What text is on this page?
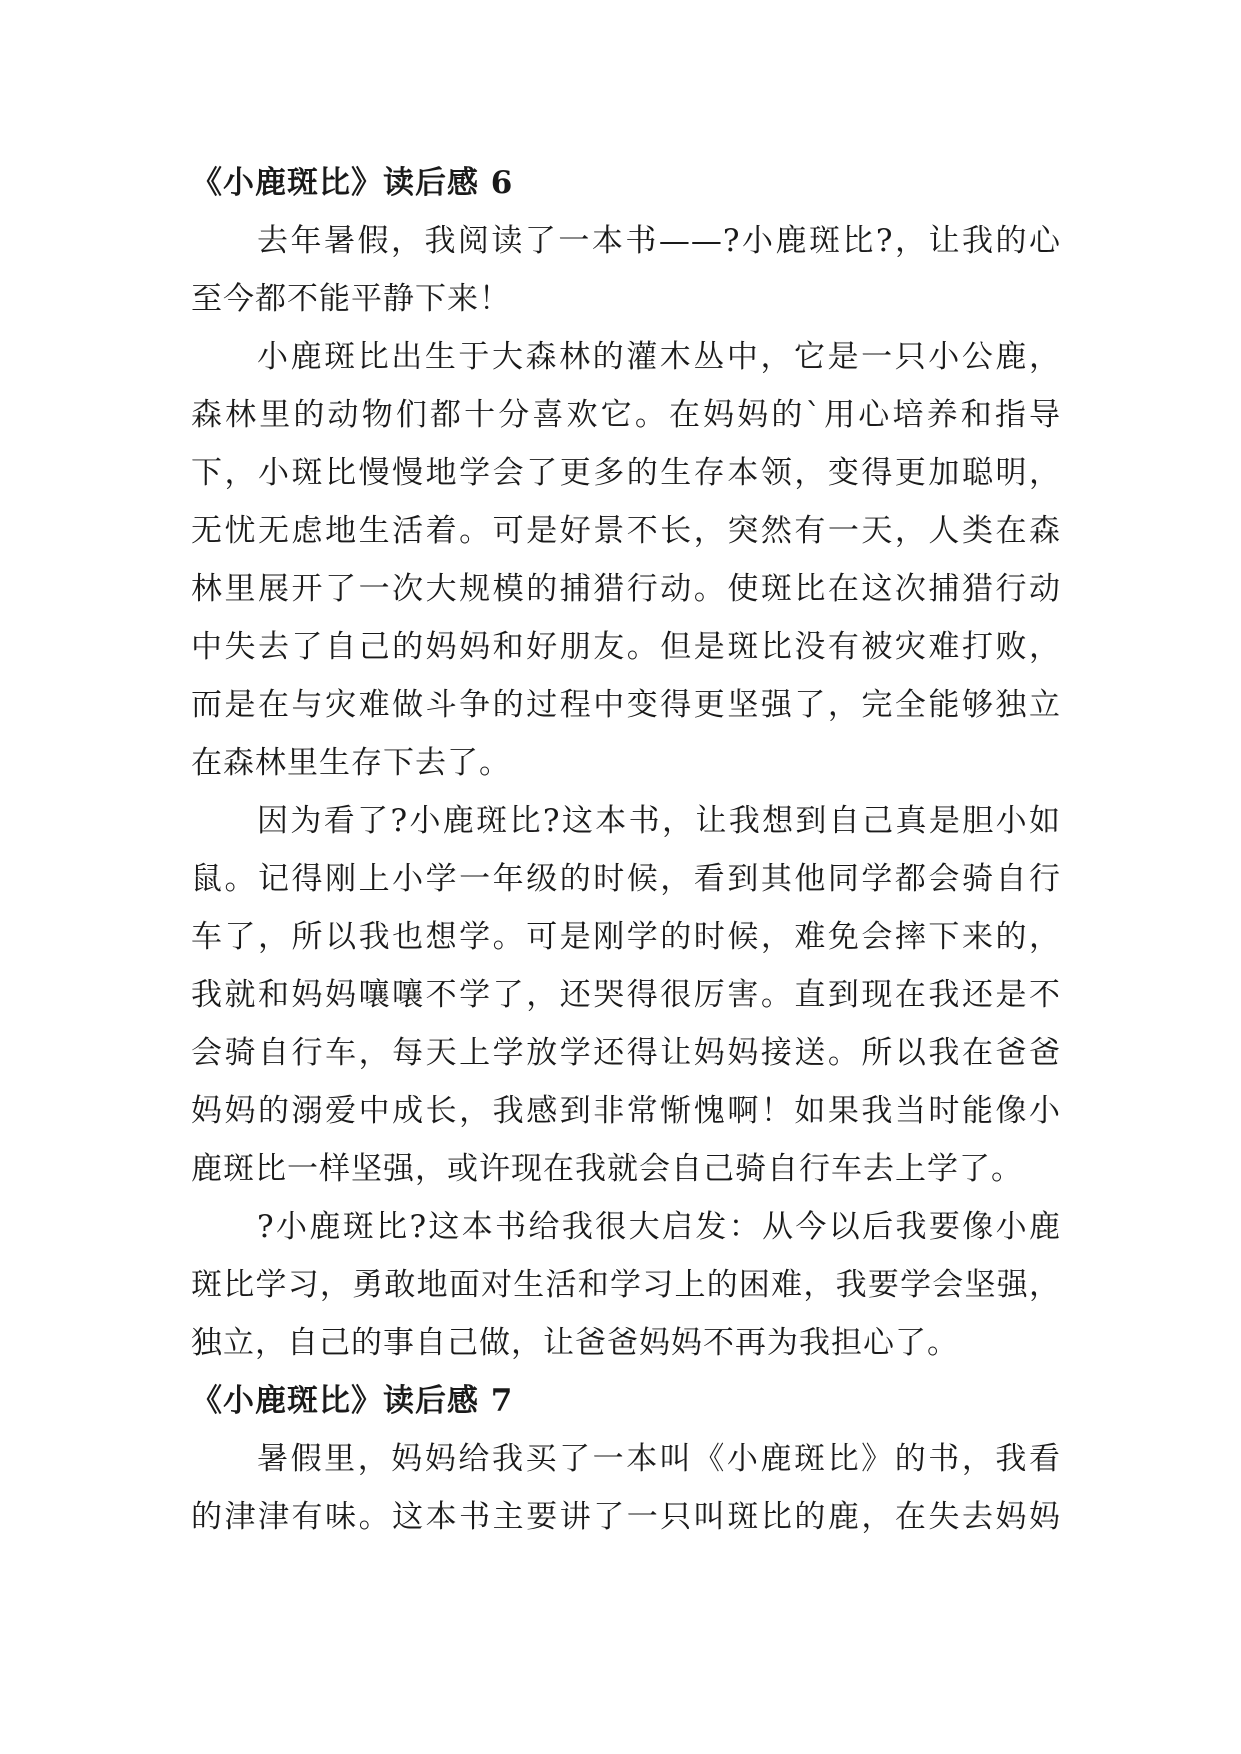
《小鹿斑比》读后感 6
去年暑假，我阅读了一本书——?小鹿斑比?，让我的心
至今都不能平静下来！
小鹿斑比出生于大森林的灌木丛中，它是一只小公鹿，
森林里的动物们都十分喜欢它。在妈妈的`用心培养和指导
下，小斑比慢慢地学会了更多的生存本领，变得更加聪明，
无忧无虑地生活着。可是好景不长，突然有一天，人类在森
林里展开了一次大规模的捕猎行动。使斑比在这次捕猎行动
中失去了自己的妈妈和好朋友。但是斑比没有被灾难打败，
而是在与灾难做斗争的过程中变得更坚强了，完全能够独立
在森林里生存下去了。
因为看了?小鹿斑比?这本书，让我想到自己真是胆小如
鼠。记得刚上小学一年级的时候，看到其他同学都会骑自行
车了，所以我也想学。可是刚学的时候，难免会摔下来的，
我就和妈妈嚷嚷不学了，还哭得很厉害。直到现在我还是不
会骑自行车，每天上学放学还得让妈妈接送。所以我在爸爸
妈妈的溺爱中成长，我感到非常惭愧啊！如果我当时能像小
鹿斑比一样坚强，或许现在我就会自己骑自行车去上学了。
?小鹿斑比?这本书给我很大启发：从今以后我要像小鹿
斑比学习，勇敢地面对生活和学习上的困难，我要学会坚强，
独立，自己的事自己做，让爸爸妈妈不再为我担心了。
《小鹿斑比》读后感 7
暑假里，妈妈给我买了一本叫《小鹿斑比》的书，我看
的津津有味。这本书主要讲了一只叫斑比的鹿，在失去妈妈
